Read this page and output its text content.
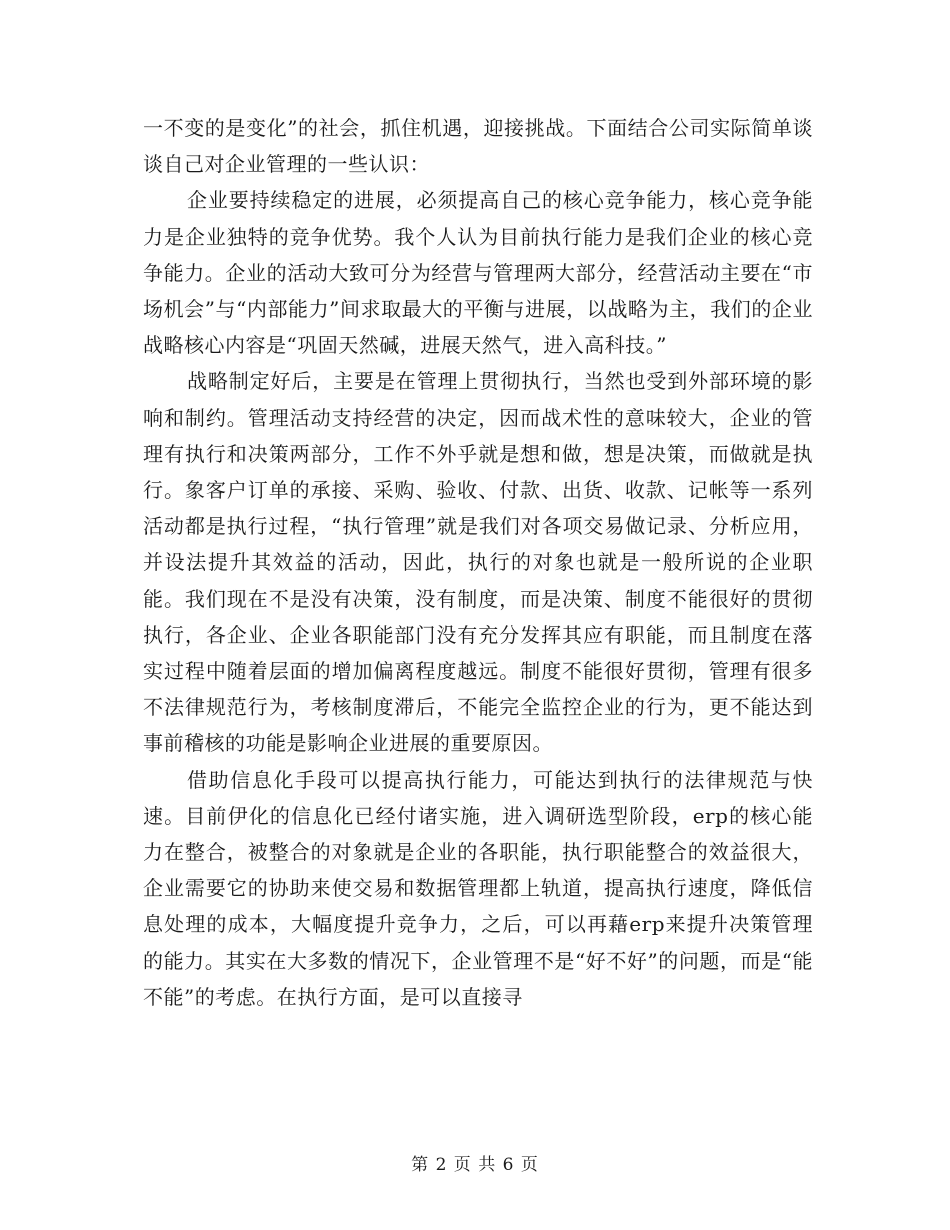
一不变的是变化”的社会，抓住机遇，迎接挑战。下面结合公司实际简单谈谈自己对企业管理的一些认识：

企业要持续稳定的进展，必须提高自己的核心竞争能力，核心竞争能力是企业独特的竞争优势。我个人认为目前执行能力是我们企业的核心竞争能力。企业的活动大致可分为经营与管理两大部分，经营活动主要在“市场机会”与“内部能力”间求取最大的平衡与进展，以战略为主，我们的企业战略核心内容是“巩固天然碱，进展天然气，进入高科技。”

战略制定好后，主要是在管理上贯彻执行，当然也受到外部环境的影响和制约。管理活动支持经营的决定，因而战术性的意味较大，企业的管理有执行和决策两部分，工作不外乎就是想和做，想是决策，而做就是执行。象客户订单的承接、采购、验收、付款、出货、收款、记帐等一系列活动都是执行过程，“执行管理”就是我们对各项交易做记录、分析应用，并设法提升其效益的活动，因此，执行的对象也就是一般所说的企业职能。我们现在不是没有决策，没有制度，而是决策、制度不能很好的贯彻执行，各企业、企业各职能部门没有充分发挥其应有职能，而且制度在落实过程中随着层面的增加偏离程度越远。制度不能很好贯彻，管理有很多不法律规范行为，考核制度滞后，不能完全监控企业的行为，更不能达到事前稽核的功能是影响企业进展的重要原因。

借助信息化手段可以提高执行能力，可能达到执行的法律规范与快速。目前伊化的信息化已经付诸实施，进入调研选型阶段，erp的核心能力在整合，被整合的对象就是企业的各职能，执行职能整合的效益很大，企业需要它的协助来使交易和数据管理都上轨道，提高执行速度，降低信息处理的成本，大幅度提升竞争力，之后，可以再藉erp来提升决策管理的能力。其实在大多数的情况下，企业管理不是“好不好”的问题，而是“能不能”的考虑。在执行方面，是可以直接寻

第 2 页 共 6 页
